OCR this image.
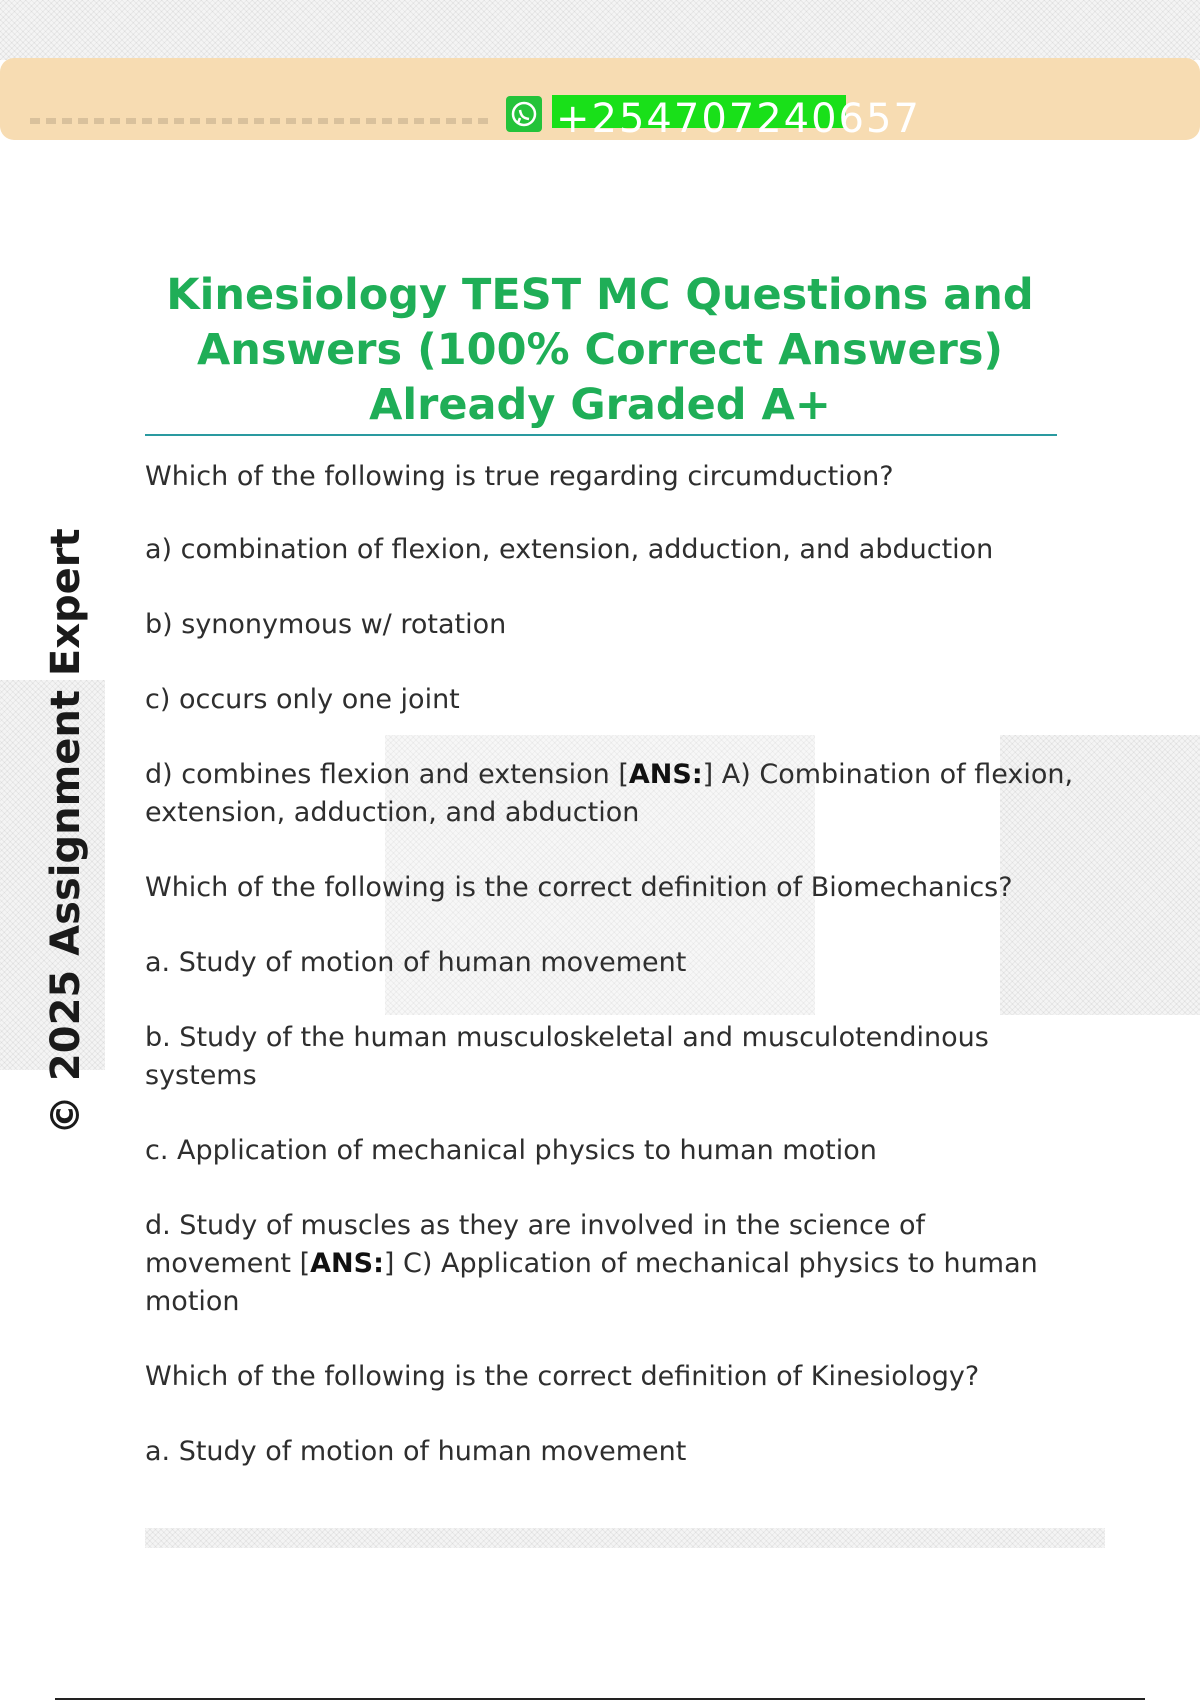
+254707240657
© 2025 Assignment Expert
Kinesiology TEST MC Questions and Answers (100% Correct Answers) Already Graded A+

Which of the following is true regarding circumduction?

a) combination of flexion, extension, adduction, and abduction

b) synonymous w/ rotation

c) occurs only one joint

d) combines flexion and extension [ANS:] A) Combination of flexion, extension, adduction, and abduction

Which of the following is the correct definition of Biomechanics?

a. Study of motion of human movement

b. Study of the human musculoskeletal and musculotendinous systems

c. Application of mechanical physics to human motion

d. Study of muscles as they are involved in the science of movement [ANS:] C) Application of mechanical physics to human motion

Which of the following is the correct definition of Kinesiology?

a. Study of motion of human movement
